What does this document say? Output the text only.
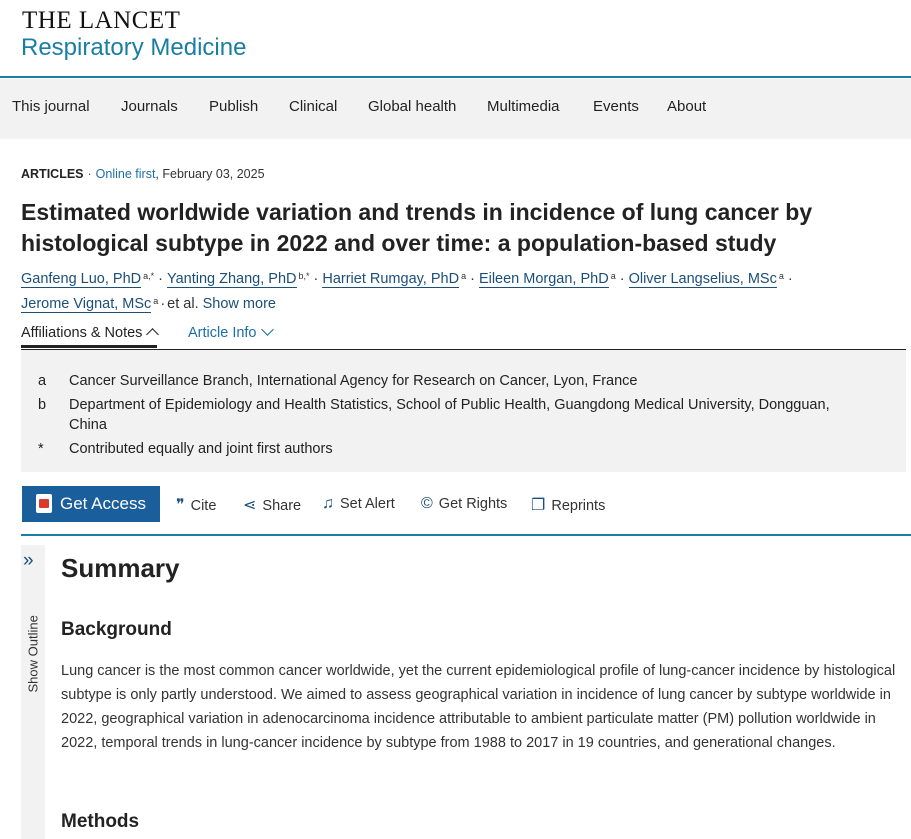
THE LANCET
Respiratory Medicine
This journal Journals Publish Clinical Global health Multimedia Events About
ARTICLES · Online first, February 03, 2025
Estimated worldwide variation and trends in incidence of lung cancer by histological subtype in 2022 and over time: a population-based study
Ganfeng Luo, PhD $^{a,*}$ · Yanting Zhang, PhD $^{b,*}$ · Harriet Rumgay, PhD $^a$ · Eileen Morgan, PhD $^a$ · Oliver Langselius, MSc $^a$ ·
Jerome Vignat, MSc $^a$ · et al. Show more
Affiliations & Notes	Article Info
a	Cancer Surveillance Branch, International Agency for Research on Cancer, Lyon, France
b	Department of Epidemiology and Health Statistics, School of Public Health, Guangdong Medical University, Dongguan, China
*	Contributed equally and joint first authors
Get Access ❞ Cite ⋖ Share ♫ Set Alert © Get Rights ❐ Reprints
»
Show Outline
Summary
Background

Lung cancer is the most common cancer worldwide, yet the current epidemiological profile of lung-cancer incidence by histological subtype is only partly understood. We aimed to assess geographical variation in incidence of lung cancer by subtype worldwide in 2022, geographical variation in adenocarcinoma incidence attributable to ambient particulate matter (PM) pollution worldwide in 2022, temporal trends in lung-cancer incidence by subtype from 1988 to 2017 in 19 countries, and generational changes.

Methods
